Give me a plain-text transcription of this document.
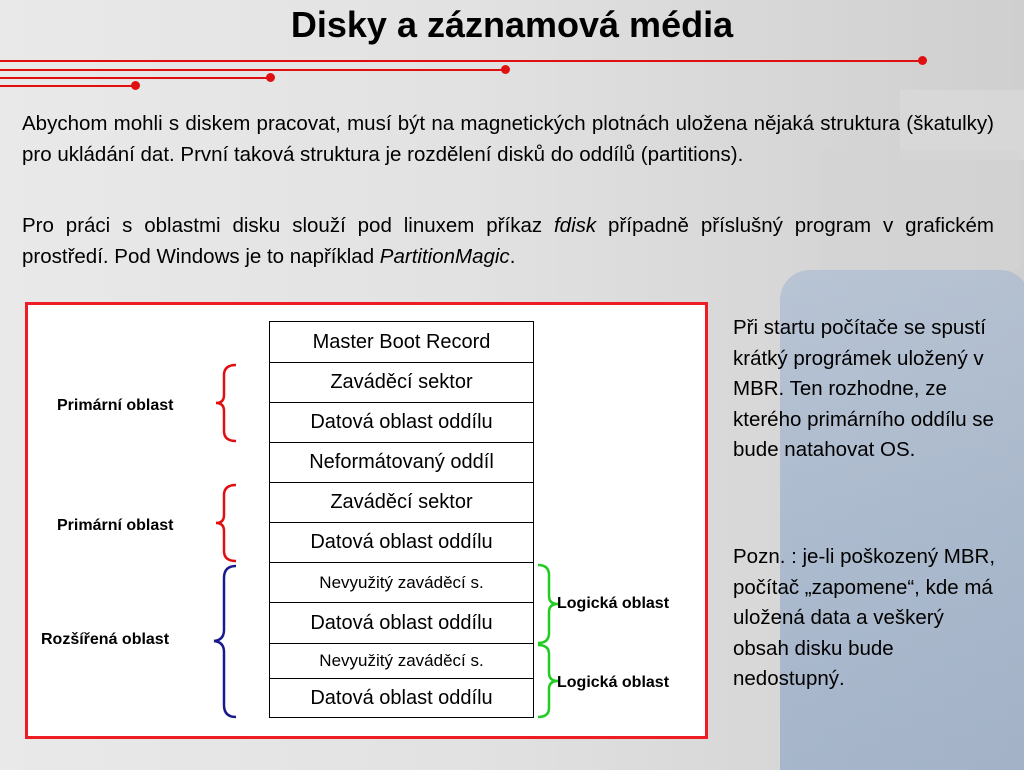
Disky a záznamová média

Abychom mohli s diskem pracovat, musí být na magnetických plotnách uložena nějaká struktura (škatulky) pro ukládání dat. První taková struktura je rozdělení disků do oddílů (partitions).

Pro práci s oblastmi disku slouží pod linuxem příkaz fdisk případně příslušný program v grafickém prostředí. Pod Windows je to například PartitionMagic.

Master Boot Record
Zaváděcí sektor
Datová oblast oddílu
Neformátovaný oddíl
Zaváděcí sektor
Datová oblast oddílu
Nevyužitý zaváděcí s.
Datová oblast oddílu
Nevyužitý zaváděcí s.
Datová oblast oddílu
Primární oblast
Primární oblast
Rozšířená oblast
Logická oblast
Logická oblast

Při startu počítače se spustí krátký prográmek uložený v MBR. Ten rozhodne, ze kterého primárního oddílu se bude natahovat OS.

Pozn. : je-li poškozený MBR, počítač „zapomene“, kde má uložená data a veškerý obsah disku bude nedostupný.
